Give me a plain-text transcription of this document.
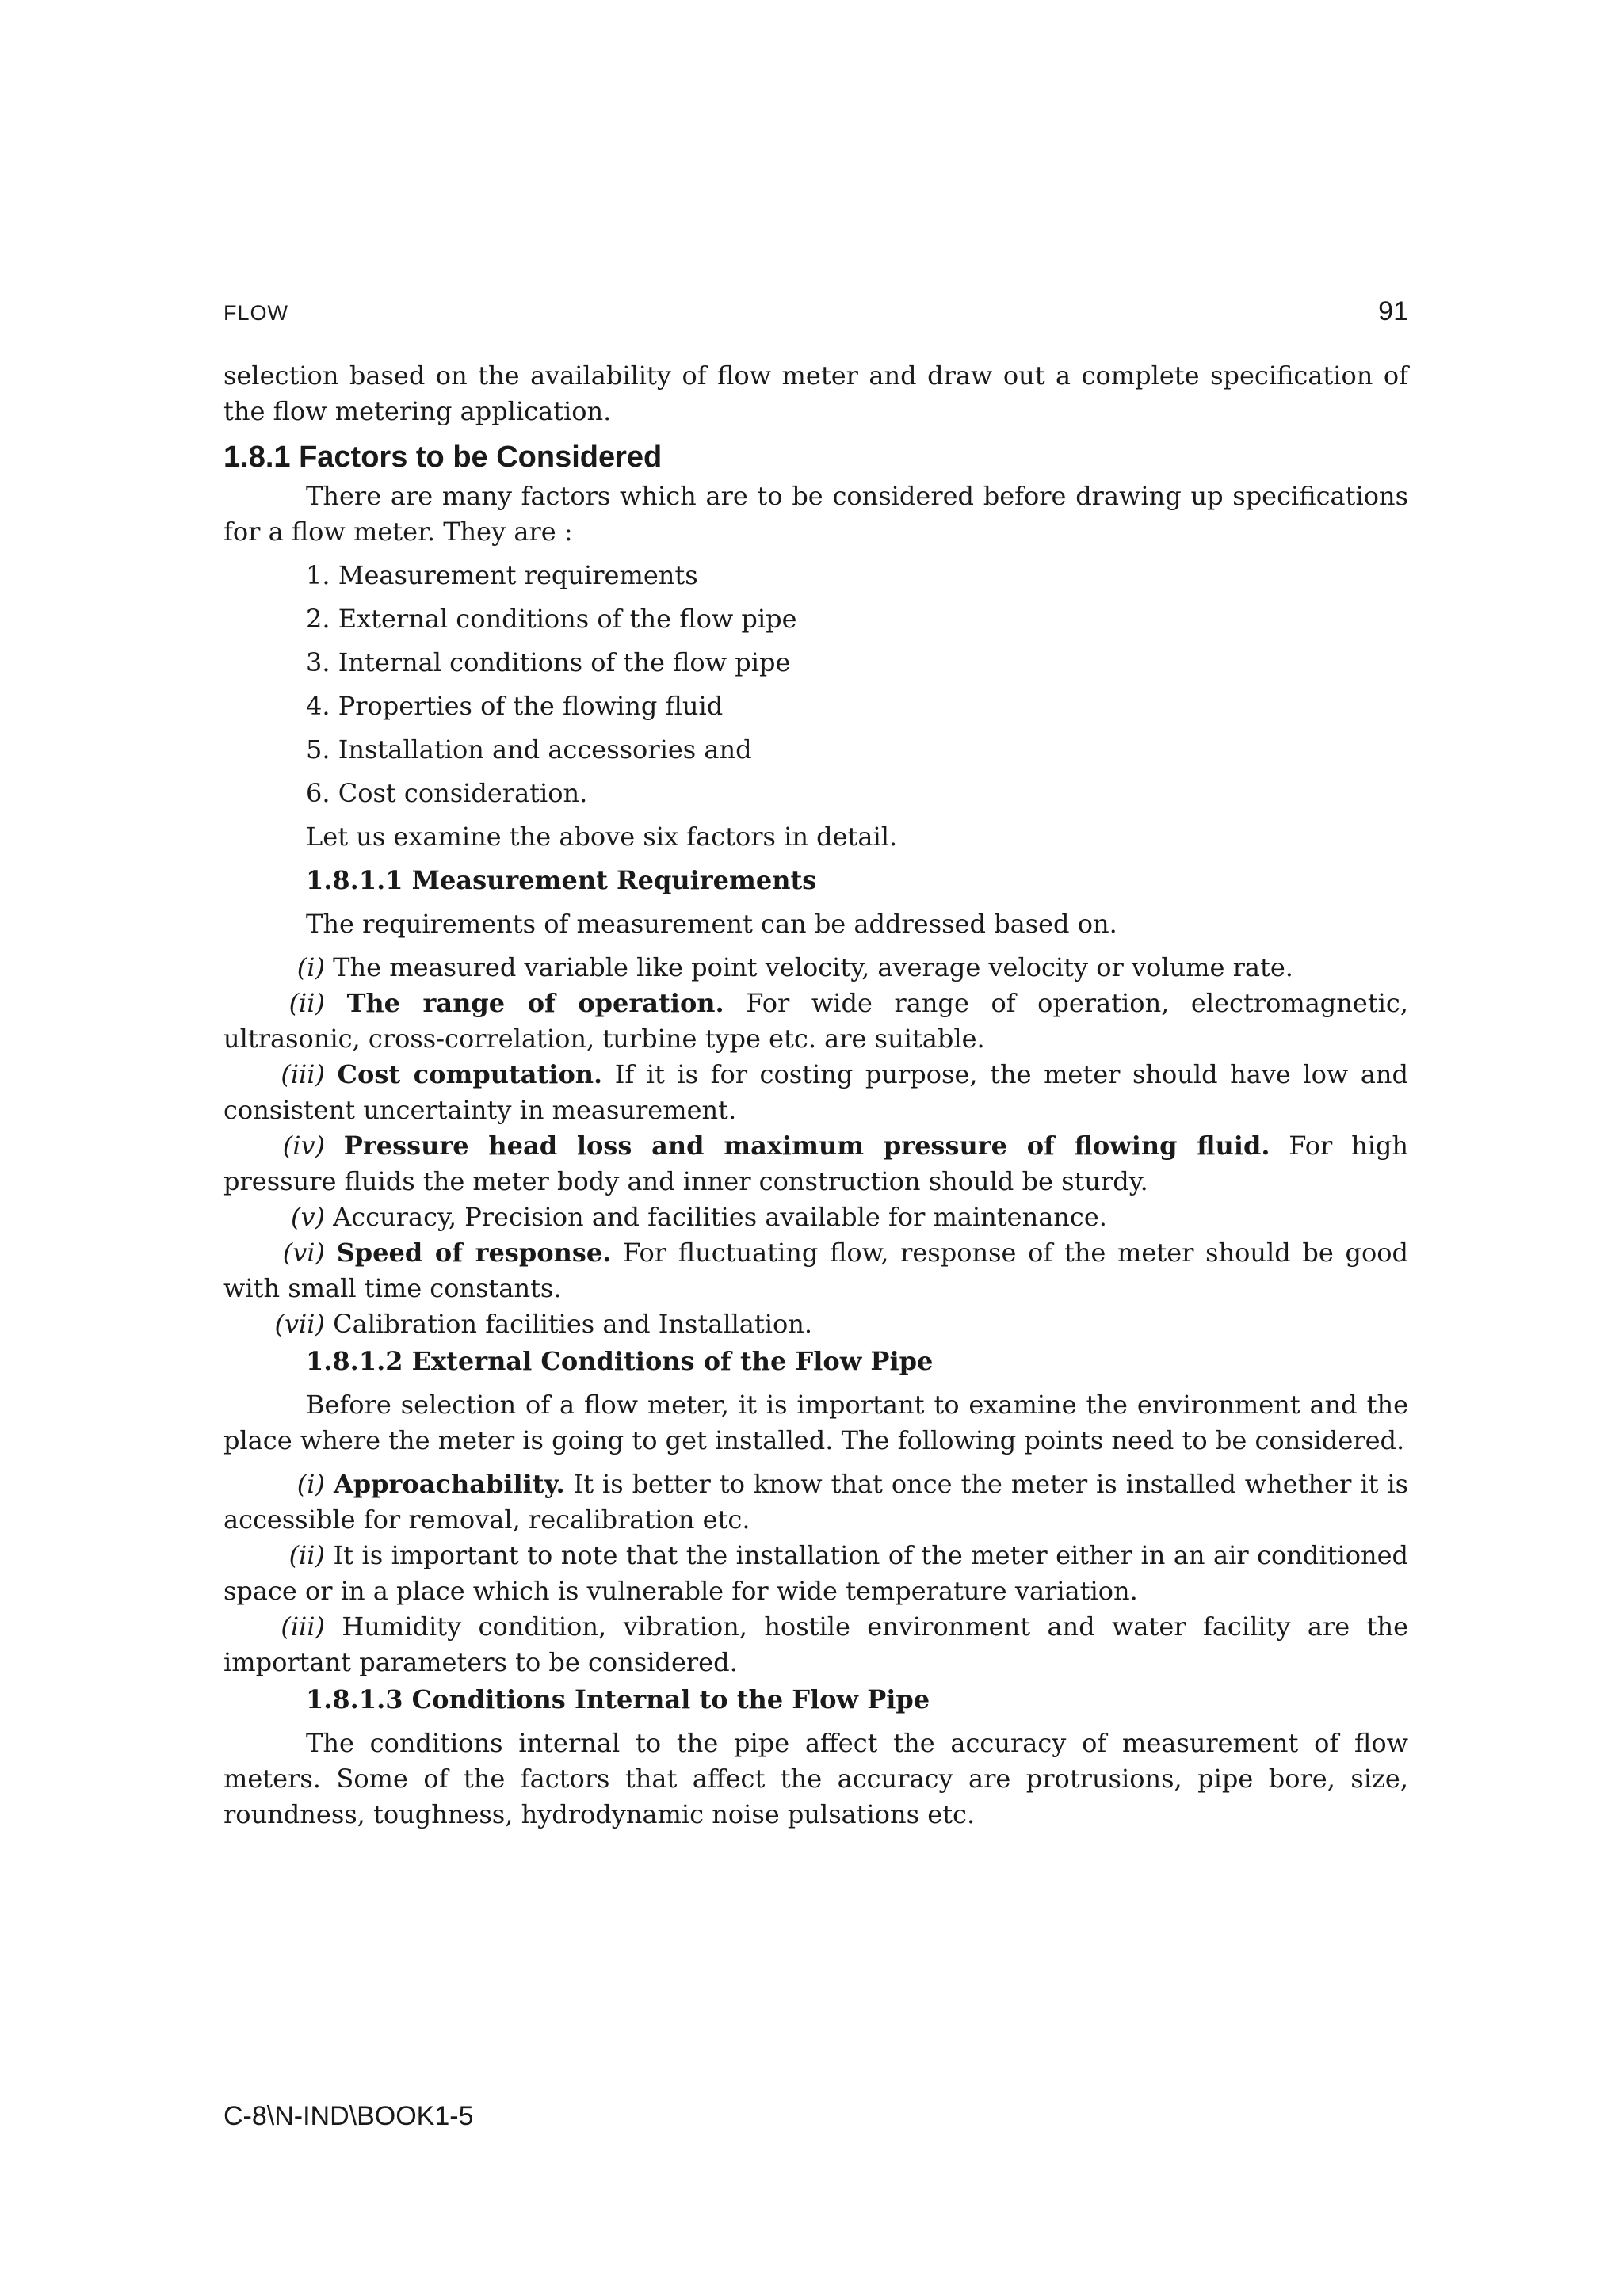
FLOW	91

selection based on the availability of flow meter and draw out a complete specification of the flow metering application.

1.8.1 Factors to be Considered

There are many factors which are to be considered before drawing up specifications for a flow meter. They are :

1. Measurement requirements
2. External conditions of the flow pipe
3. Internal conditions of the flow pipe
4. Properties of the flowing fluid
5. Installation and accessories and
6. Cost consideration.
Let us examine the above six factors in detail.
1.8.1.1 Measurement Requirements
The requirements of measurement can be addressed based on.

(i) The measured variable like point velocity, average velocity or volume rate.

(ii) The range of operation. For wide range of operation, electromagnetic, ultrasonic, cross-correlation, turbine type etc. are suitable.

(iii) Cost computation. If it is for costing purpose, the meter should have low and consistent uncertainty in measurement.

(iv) Pressure head loss and maximum pressure of flowing fluid. For high pressure fluids the meter body and inner construction should be sturdy.

(v) Accuracy, Precision and facilities available for maintenance.

(vi) Speed of response. For fluctuating flow, response of the meter should be good with small time constants.

(vii) Calibration facilities and Installation.

1.8.1.2 External Conditions of the Flow Pipe

Before selection of a flow meter, it is important to examine the environment and the place where the meter is going to get installed. The following points need to be considered.

(i) Approachability. It is better to know that once the meter is installed whether it is accessible for removal, recalibration etc.

(ii) It is important to note that the installation of the meter either in an air conditioned space or in a place which is vulnerable for wide temperature variation.

(iii) Humidity condition, vibration, hostile environment and water facility are the important parameters to be considered.

1.8.1.3 Conditions Internal to the Flow Pipe

The conditions internal to the pipe affect the accuracy of measurement of flow meters. Some of the factors that affect the accuracy are protrusions, pipe bore, size, roundness, toughness, hydrodynamic noise pulsations etc.

C-8\N-IND\BOOK1-5
